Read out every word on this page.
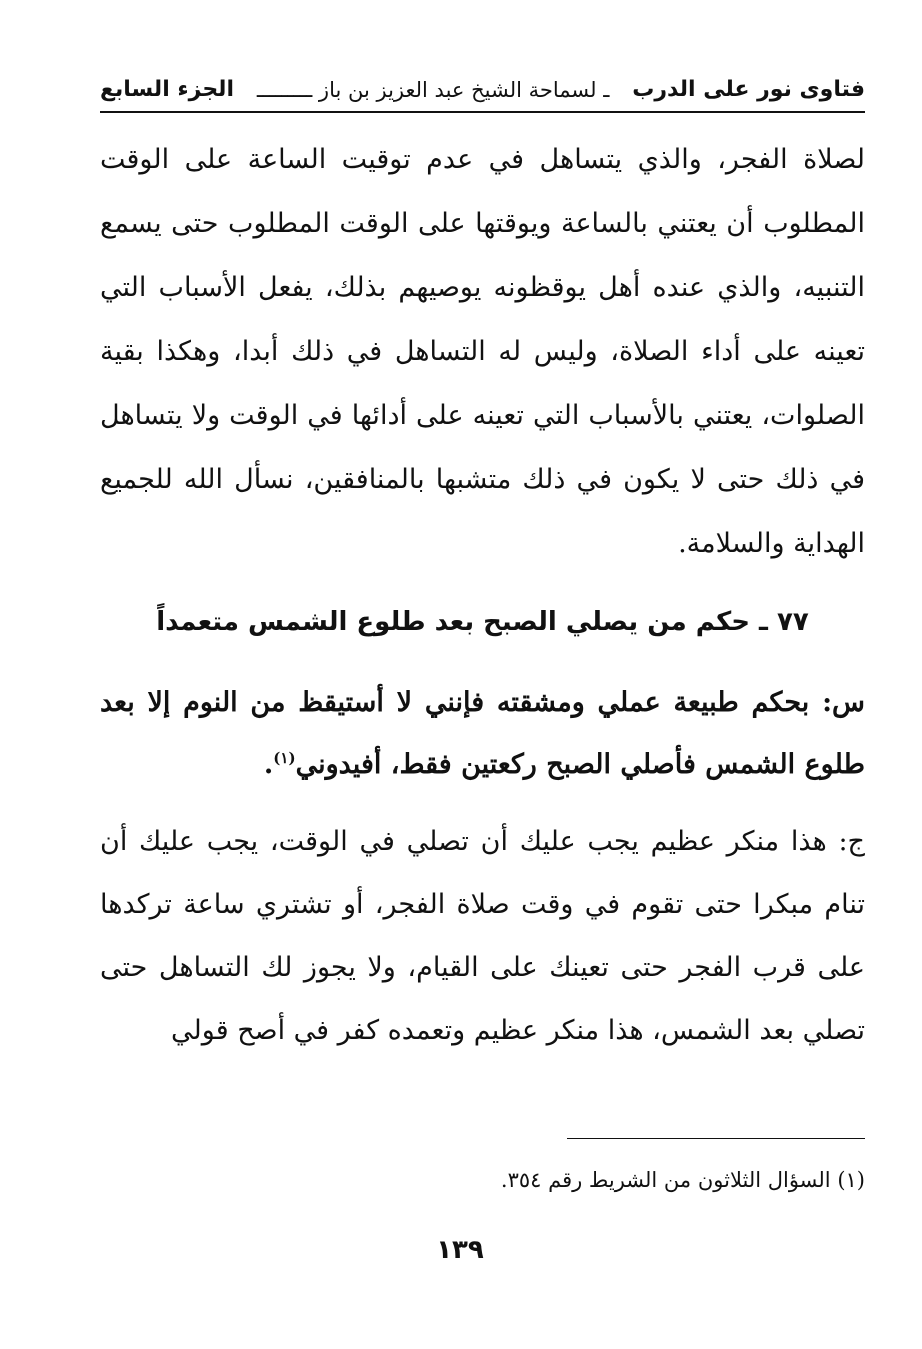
فتاوى نور على الدرب
ـ لسماحة الشيخ عبد العزيز بن باز ـــــــــ
الجزء السابع

لصلاة الفجر، والذي يتساهل في عدم توقيت الساعة على الوقت المطلوب أن يعتني بالساعة ويوقتها على الوقت المطلوب حتى يسمع التنبيه، والذي عنده أهل يوقظونه يوصيهم بذلك، يفعل الأسباب التي تعينه على أداء الصلاة، وليس له التساهل في ذلك أبدا، وهكذا بقية الصلوات، يعتني بالأسباب التي تعينه على أدائها في الوقت ولا يتساهل في ذلك حتى لا يكون في ذلك متشبها بالمنافقين، نسأل الله للجميع الهداية والسلامة.

٧٧ ـ حكم من يصلي الصبح بعد طلوع الشمس متعمداً

س: بحكم طبيعة عملي ومشقته فإنني لا أستيقظ من النوم إلا بعد طلوع الشمس فأصلي الصبح ركعتين فقط، أفيدوني$^{(١)}$.

ج: هذا منكر عظيم يجب عليك أن تصلي في الوقت، يجب عليك أن تنام مبكرا حتى تقوم في وقت صلاة الفجر، أو تشتري ساعة تركدها على قرب الفجر حتى تعينك على القيام، ولا يجوز لك التساهل حتى تصلي بعد الشمس، هذا منكر عظيم وتعمده كفر في أصح قولي

(١) السؤال الثلاثون من الشريط رقم ٣٥٤.
١٣٩
